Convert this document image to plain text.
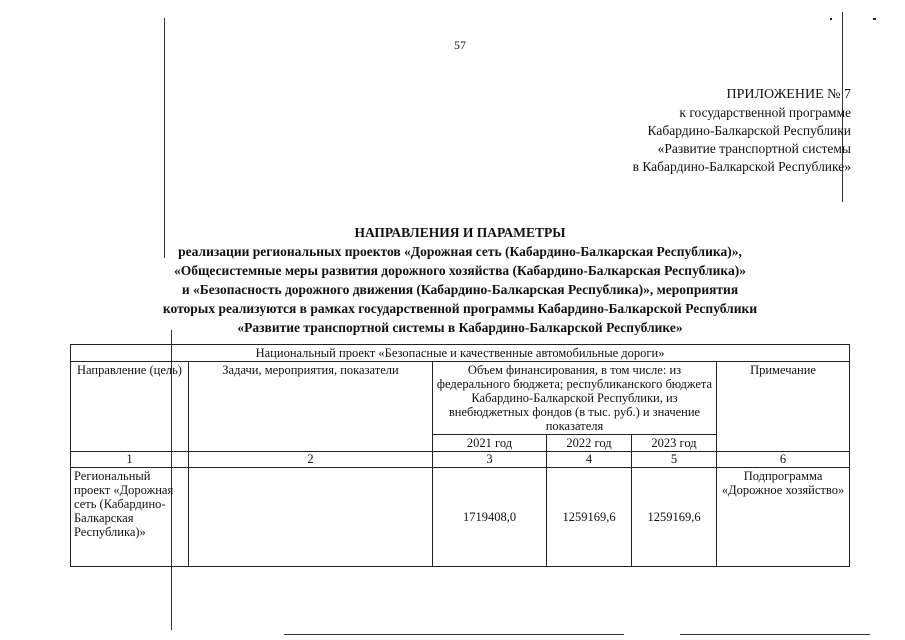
57
ПРИЛОЖЕНИЕ № 7
к государственной программе
Кабардино-Балкарской Республики
«Развитие транспортной системы
в Кабардино-Балкарской Республике»
НАПРАВЛЕНИЯ И ПАРАМЕТРЫ
реализации региональных проектов «Дорожная сеть (Кабардино-Балкарская Республика)»,
«Общесистемные меры развития дорожного хозяйства (Кабардино-Балкарская Республика)»
и «Безопасность дорожного движения (Кабардино-Балкарская Республика)», мероприятия
которых реализуются в рамках государственной программы Кабардино-Балкарской Республики
«Развитие транспортной системы в Кабардино-Балкарской Республике»
Национальный проект «Безопасные и качественные автомобильные дороги»					
Направление (цель)	Задачи, мероприятия, показатели	Объем финансирования, в том числе: из федерального бюджета; республиканского бюджета Кабардино-Балкарской Республики, из внебюджетных фондов (в тыс. руб.) и значение показателя			Примечание
		2021 год	2022 год	2023 год	
1	2	3	4	5	6
Региональный проект «Дорожная сеть (Кабардино-Балкарская Республика)»		1719408,0	1259169,6	1259169,6	Подпрограмма «Дорожное хозяйство»
